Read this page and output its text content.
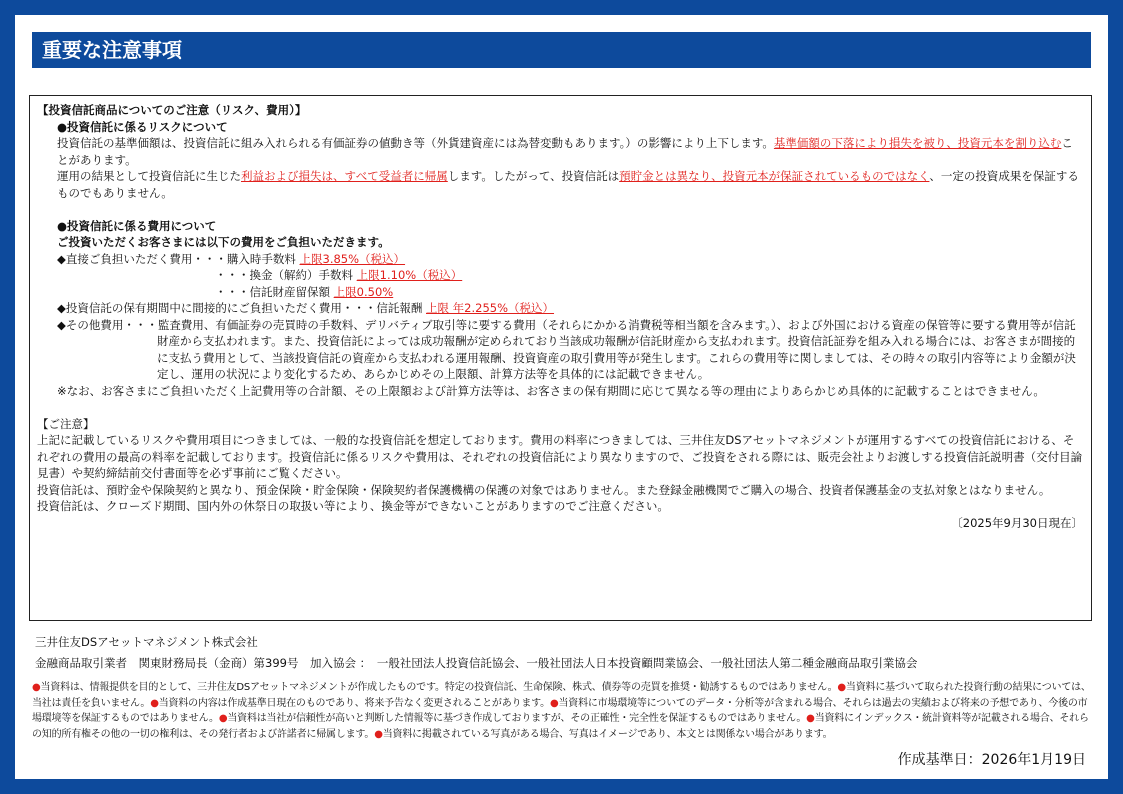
重要な注意事項

【投資信託商品についてのご注意（リスク、費用）】

●投資信託に係るリスクについて

投資信託の基準価額は、投資信託に組み入れられる有価証券の値動き等（外貨建資産には為替変動もあります。）の影響により上下します。基準価額の下落により損失を被り、投資元本を割り込むことがあります。

運用の結果として投資信託に生じた利益および損失は、すべて受益者に帰属します。したがって、投資信託は預貯金とは異なり、投資元本が保証されているものではなく、一定の投資成果を保証するものでもありません。

●投資信託に係る費用について

ご投資いただくお客さまには以下の費用をご負担いただきます。

◆直接ご負担いただく費用・・・購入時手数料 上限3.85%（税込）

・・・換金（解約）手数料 上限1.10%（税込）

・・・信託財産留保額 上限0.50%

◆投資信託の保有期間中に間接的にご負担いただく費用・・・信託報酬 上限 年2.255%（税込）

◆その他費用・・・監査費用、有価証券の売買時の手数料、デリバティブ取引等に要する費用（それらにかかる消費税等相当額を含みます。）、および外国における資産の保管等に要する費用等が信託財産から支払われます。また、投資信託によっては成功報酬が定められており当該成功報酬が信託財産から支払われます。投資信託証券を組み入れる場合には、お客さまが間接的に支払う費用として、当該投資信託の資産から支払われる運用報酬、投資資産の取引費用等が発生します。これらの費用等に関しましては、その時々の取引内容等により金額が決定し、運用の状況により変化するため、あらかじめその上限額、計算方法等を具体的には記載できません。

※なお、お客さまにご負担いただく上記費用等の合計額、その上限額および計算方法等は、お客さまの保有期間に応じて異なる等の理由によりあらかじめ具体的に記載することはできません。

【ご注意】

上記に記載しているリスクや費用項目につきましては、一般的な投資信託を想定しております。費用の料率につきましては、三井住友DSアセットマネジメントが運用するすべての投資信託における、それぞれの費用の最高の料率を記載しております。投資信託に係るリスクや費用は、それぞれの投資信託により異なりますので、ご投資をされる際には、販売会社よりお渡しする投資信託説明書（交付目論見書）や契約締結前交付書面等を必ず事前にご覧ください。

投資信託は、預貯金や保険契約と異なり、預金保険・貯金保険・保険契約者保護機構の保護の対象ではありません。また登録金融機関でご購入の場合、投資者保護基金の支払対象とはなりません。

投資信託は、クローズド期間、国内外の休祭日の取扱い等により、換金等ができないことがありますのでご注意ください。

〔2025年9月30日現在〕

三井住友DSアセットマネジメント株式会社
金融商品取引業者　関東財務局長（金商）第399号　加入協会 ：　一般社団法人投資信託協会、一般社団法人日本投資顧問業協会、一般社団法人第二種金融商品取引業協会
●当資料は、情報提供を目的として、三井住友DSアセットマネジメントが作成したものです。特定の投資信託、生命保険、株式、債券等の売買を推奨・勧誘するものではありません。●当資料に基づいて取られた投資行動の結果については、当社は責任を負いません。●当資料の内容は作成基準日現在のものであり、将来予告なく変更されることがあります。●当資料に市場環境等についてのデータ・分析等が含まれる場合、それらは過去の実績および将来の予想であり、今後の市場環境等を保証するものではありません。●当資料は当社が信頼性が高いと判断した情報等に基づき作成しておりますが、その正確性・完全性を保証するものではありません。●当資料にインデックス・統計資料等が記載される場合、それらの知的所有権その他の一切の権利は、その発行者および許諾者に帰属します。●当資料に掲載されている写真がある場合、写真はイメージであり、本文とは関係ない場合があります。
作成基準日：2026年1月19日
